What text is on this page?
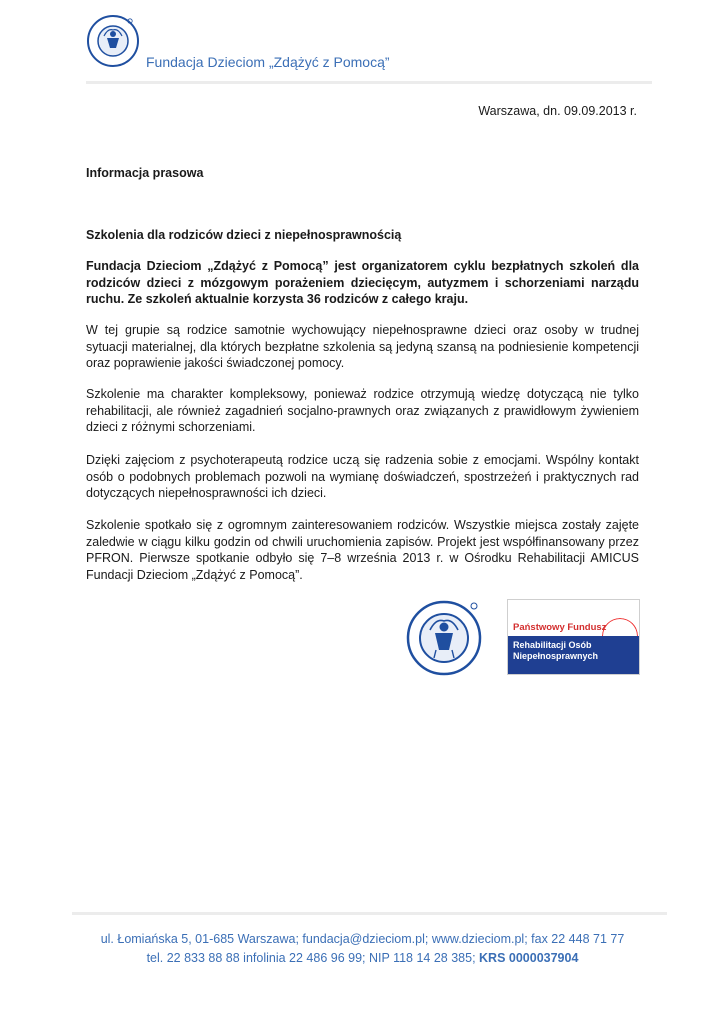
Fundacja Dzieciom „Zdążyć z Pomocą”
Warszawa, dn. 09.09.2013 r.
Informacja prasowa
Szkolenia dla rodziców dzieci z niepełnosprawnością

Fundacja Dzieciom „Zdążyć z Pomocą” jest organizatorem cyklu bezpłatnych szkoleń dla rodziców dzieci z mózgowym porażeniem dziecięcym, autyzmem i schorzeniami narządu ruchu. Ze szkoleń aktualnie korzysta 36 rodziców z całego kraju.

W tej grupie są rodzice samotnie wychowujący niepełnosprawne dzieci oraz osoby w trudnej sytuacji materialnej, dla których bezpłatne szkolenia są jedyną szansą na podniesienie kompetencji oraz poprawienie jakości świadczonej pomocy.

Szkolenie ma charakter kompleksowy, ponieważ rodzice otrzymują wiedzę dotyczącą nie tylko rehabilitacji, ale również zagadnień socjalno-prawnych oraz związanych z prawidłowym żywieniem dzieci z różnymi schorzeniami.

Dzięki zajęciom z psychoterapeutą rodzice uczą się radzenia sobie z emocjami. Wspólny kontakt osób o podobnych problemach pozwoli na wymianę doświadczeń, spostrzeżeń i praktycznych rad dotyczących niepełnosprawności ich dzieci.

Szkolenie spotkało się z ogromnym zainteresowaniem rodziców. Wszystkie miejsca zostały zajęte zaledwie w ciągu kilku godzin od chwili uruchomienia zapisów. Projekt jest współfinansowany przez PFRON. Pierwsze spotkanie odbyło się 7–8 września 2013 r. w Ośrodku Rehabilitacji AMICUS Fundacji Dzieciom „Zdążyć z Pomocą”.

Państwowy Fundusz
Rehabilitacji Osób
Niepełnosprawnych
ul. Łomiańska 5, 01-685 Warszawa; fundacja@dzieciom.pl; www.dzieciom.pl; fax 22 448 71 77
tel. 22 833 88 88 infolinia 22 486 96 99; NIP 118 14 28 385; KRS 0000037904
